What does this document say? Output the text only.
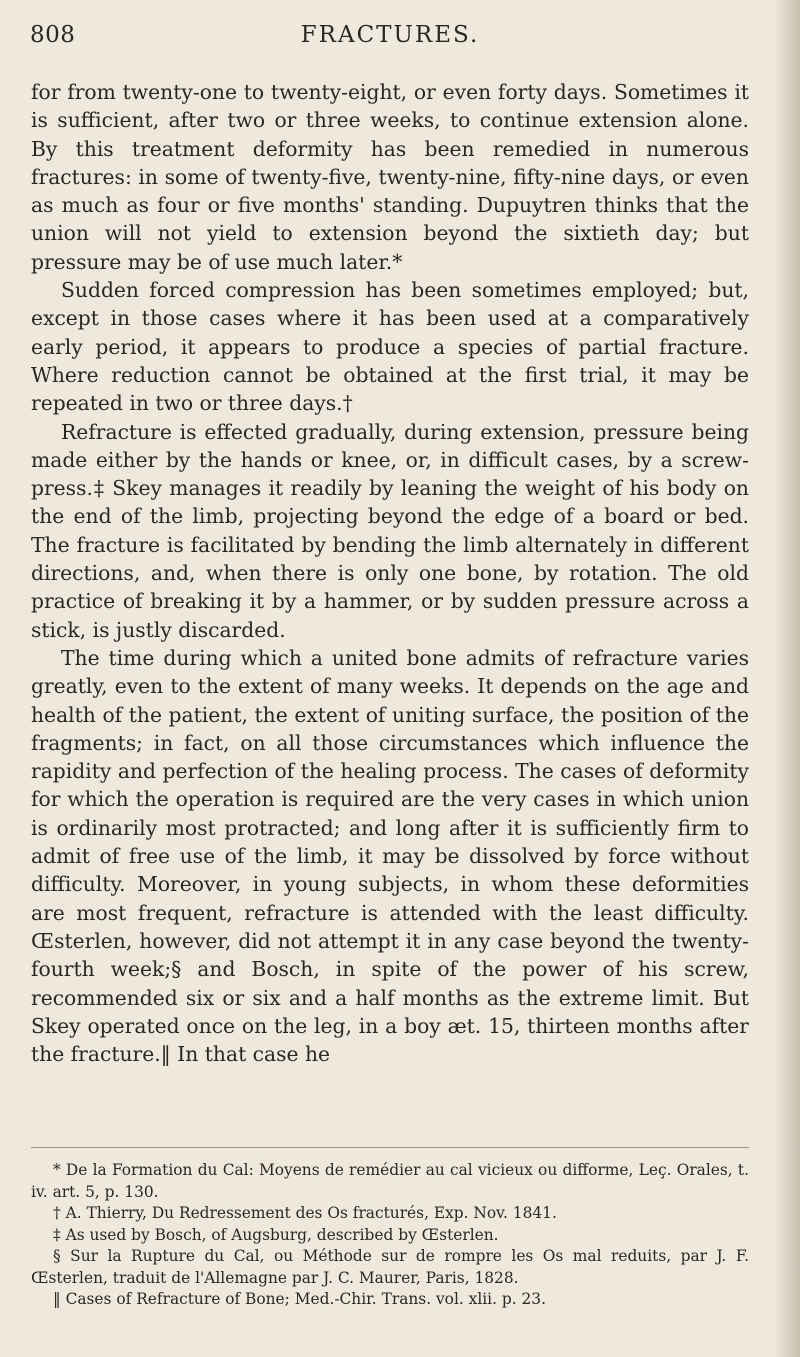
808	FRACTURES.

for from twenty-one to twenty-eight, or even forty days. Sometimes it is sufficient, after two or three weeks, to continue extension alone. By this treatment deformity has been remedied in numerous fractures: in some of twenty-five, twenty-nine, fifty-nine days, or even as much as four or five months' standing. Dupuytren thinks that the union will not yield to extension beyond the sixtieth day; but pressure may be of use much later.*

Sudden forced compression has been sometimes employed; but, except in those cases where it has been used at a comparatively early period, it appears to produce a species of partial fracture. Where reduction cannot be obtained at the first trial, it may be repeated in two or three days.†

Refracture is effected gradually, during extension, pressure being made either by the hands or knee, or, in difficult cases, by a screw-press.‡ Skey manages it readily by leaning the weight of his body on the end of the limb, projecting beyond the edge of a board or bed. The fracture is facilitated by bending the limb alternately in different directions, and, when there is only one bone, by rotation. The old practice of breaking it by a hammer, or by sudden pressure across a stick, is justly discarded.

The time during which a united bone admits of refracture varies greatly, even to the extent of many weeks. It depends on the age and health of the patient, the extent of uniting surface, the position of the fragments; in fact, on all those circumstances which influence the rapidity and perfection of the healing process. The cases of deformity for which the operation is required are the very cases in which union is ordinarily most protracted; and long after it is sufficiently firm to admit of free use of the limb, it may be dissolved by force without difficulty. Moreover, in young subjects, in whom these deformities are most frequent, refracture is attended with the least difficulty. Œsterlen, however, did not attempt it in any case beyond the twenty-fourth week;§ and Bosch, in spite of the power of his screw, recommended six or six and a half months as the extreme limit. But Skey operated once on the leg, in a boy æt. 15, thirteen months after the fracture.‖ In that case he

* De la Formation du Cal: Moyens de remédier au cal vicieux ou difforme, Leç. Orales, t. iv. art. 5, p. 130.

† A. Thierry, Du Redressement des Os fracturés, Exp. Nov. 1841.

‡ As used by Bosch, of Augsburg, described by Œsterlen.

§ Sur la Rupture du Cal, ou Méthode sur de rompre les Os mal reduits, par J. F. Œsterlen, traduit de l'Allemagne par J. C. Maurer, Paris, 1828.

‖ Cases of Refracture of Bone; Med.-Chir. Trans. vol. xlii. p. 23.
